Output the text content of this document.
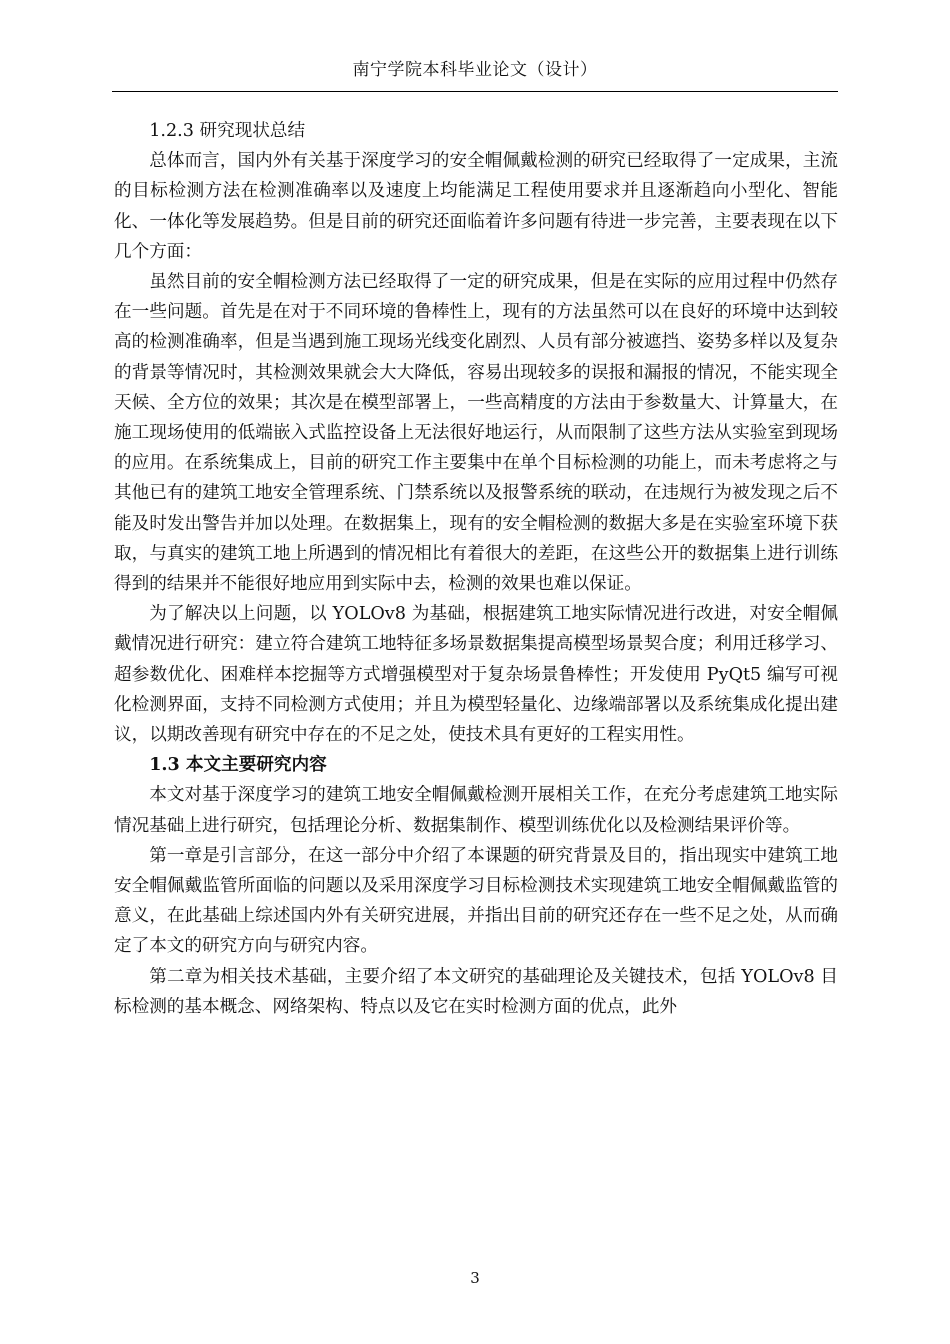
南宁学院本科毕业论文（设计）
1.2.3 研究现状总结

总体而言，国内外有关基于深度学习的安全帽佩戴检测的研究已经取得了一定成果，主流的目标检测方法在检测准确率以及速度上均能满足工程使用要求并且逐渐趋向小型化、智能化、一体化等发展趋势。但是目前的研究还面临着许多问题有待进一步完善，主要表现在以下几个方面：

虽然目前的安全帽检测方法已经取得了一定的研究成果，但是在实际的应用过程中仍然存在一些问题。首先是在对于不同环境的鲁棒性上，现有的方法虽然可以在良好的环境中达到较高的检测准确率，但是当遇到施工现场光线变化剧烈、人员有部分被遮挡、姿势多样以及复杂的背景等情况时，其检测效果就会大大降低，容易出现较多的误报和漏报的情况，不能实现全天候、全方位的效果；其次是在模型部署上，一些高精度的方法由于参数量大、计算量大，在施工现场使用的低端嵌入式监控设备上无法很好地运行，从而限制了这些方法从实验室到现场的应用。在系统集成上，目前的研究工作主要集中在单个目标检测的功能上，而未考虑将之与其他已有的建筑工地安全管理系统、门禁系统以及报警系统的联动，在违规行为被发现之后不能及时发出警告并加以处理。在数据集上，现有的安全帽检测的数据大多是在实验室环境下获取，与真实的建筑工地上所遇到的情况相比有着很大的差距，在这些公开的数据集上进行训练得到的结果并不能很好地应用到实际中去，检测的效果也难以保证。

为了解决以上问题，以 YOLOv8 为基础，根据建筑工地实际情况进行改进，对安全帽佩戴情况进行研究：建立符合建筑工地特征多场景数据集提高模型场景契合度；利用迁移学习、超参数优化、困难样本挖掘等方式增强模型对于复杂场景鲁棒性；开发使用 PyQt5 编写可视化检测界面，支持不同检测方式使用；并且为模型轻量化、边缘端部署以及系统集成化提出建议，以期改善现有研究中存在的不足之处，使技术具有更好的工程实用性。

1.3 本文主要研究内容

本文对基于深度学习的建筑工地安全帽佩戴检测开展相关工作，在充分考虑建筑工地实际情况基础上进行研究，包括理论分析、数据集制作、模型训练优化以及检测结果评价等。

第一章是引言部分，在这一部分中介绍了本课题的研究背景及目的，指出现实中建筑工地安全帽佩戴监管所面临的问题以及采用深度学习目标检测技术实现建筑工地安全帽佩戴监管的意义，在此基础上综述国内外有关研究进展，并指出目前的研究还存在一些不足之处，从而确定了本文的研究方向与研究内容。

第二章为相关技术基础，主要介绍了本文研究的基础理论及关键技术，包括 YOLOv8 目标检测的基本概念、网络架构、特点以及它在实时检测方面的优点，此外

3
